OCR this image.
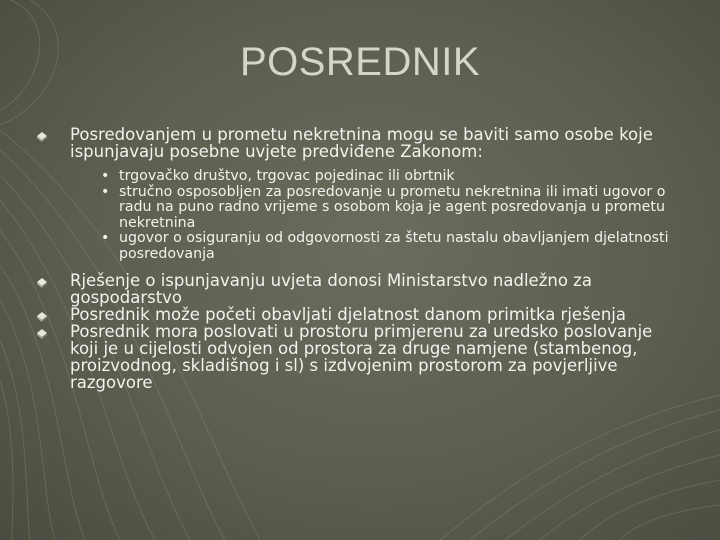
POSREDNIK
Posredovanjem u prometu nekretnina mogu se baviti samo osobe koje ispunjavaju posebne uvjete predviđene Zakonom:
• trgovačko društvo, trgovac pojedinac ili obrtnik
• stručno osposobljen za posredovanje u prometu nekretnina ili imati ugovor o radu na puno radno vrijeme s osobom koja je agent posredovanja u prometu nekretnina
• ugovor o osiguranju od odgovornosti za štetu nastalu obavljanjem djelatnosti posredovanja
Rješenje o ispunjavanju uvjeta donosi Ministarstvo nadležno za gospodarstvo
Posrednik može početi obavljati djelatnost danom primitka rješenja
Posrednik mora poslovati u prostoru primjerenu za uredsko poslovanje koji je u cijelosti odvojen od prostora za druge namjene (stambenog, proizvodnog, skladišnog i sl) s izdvojenim prostorom za povjerljive razgovore
